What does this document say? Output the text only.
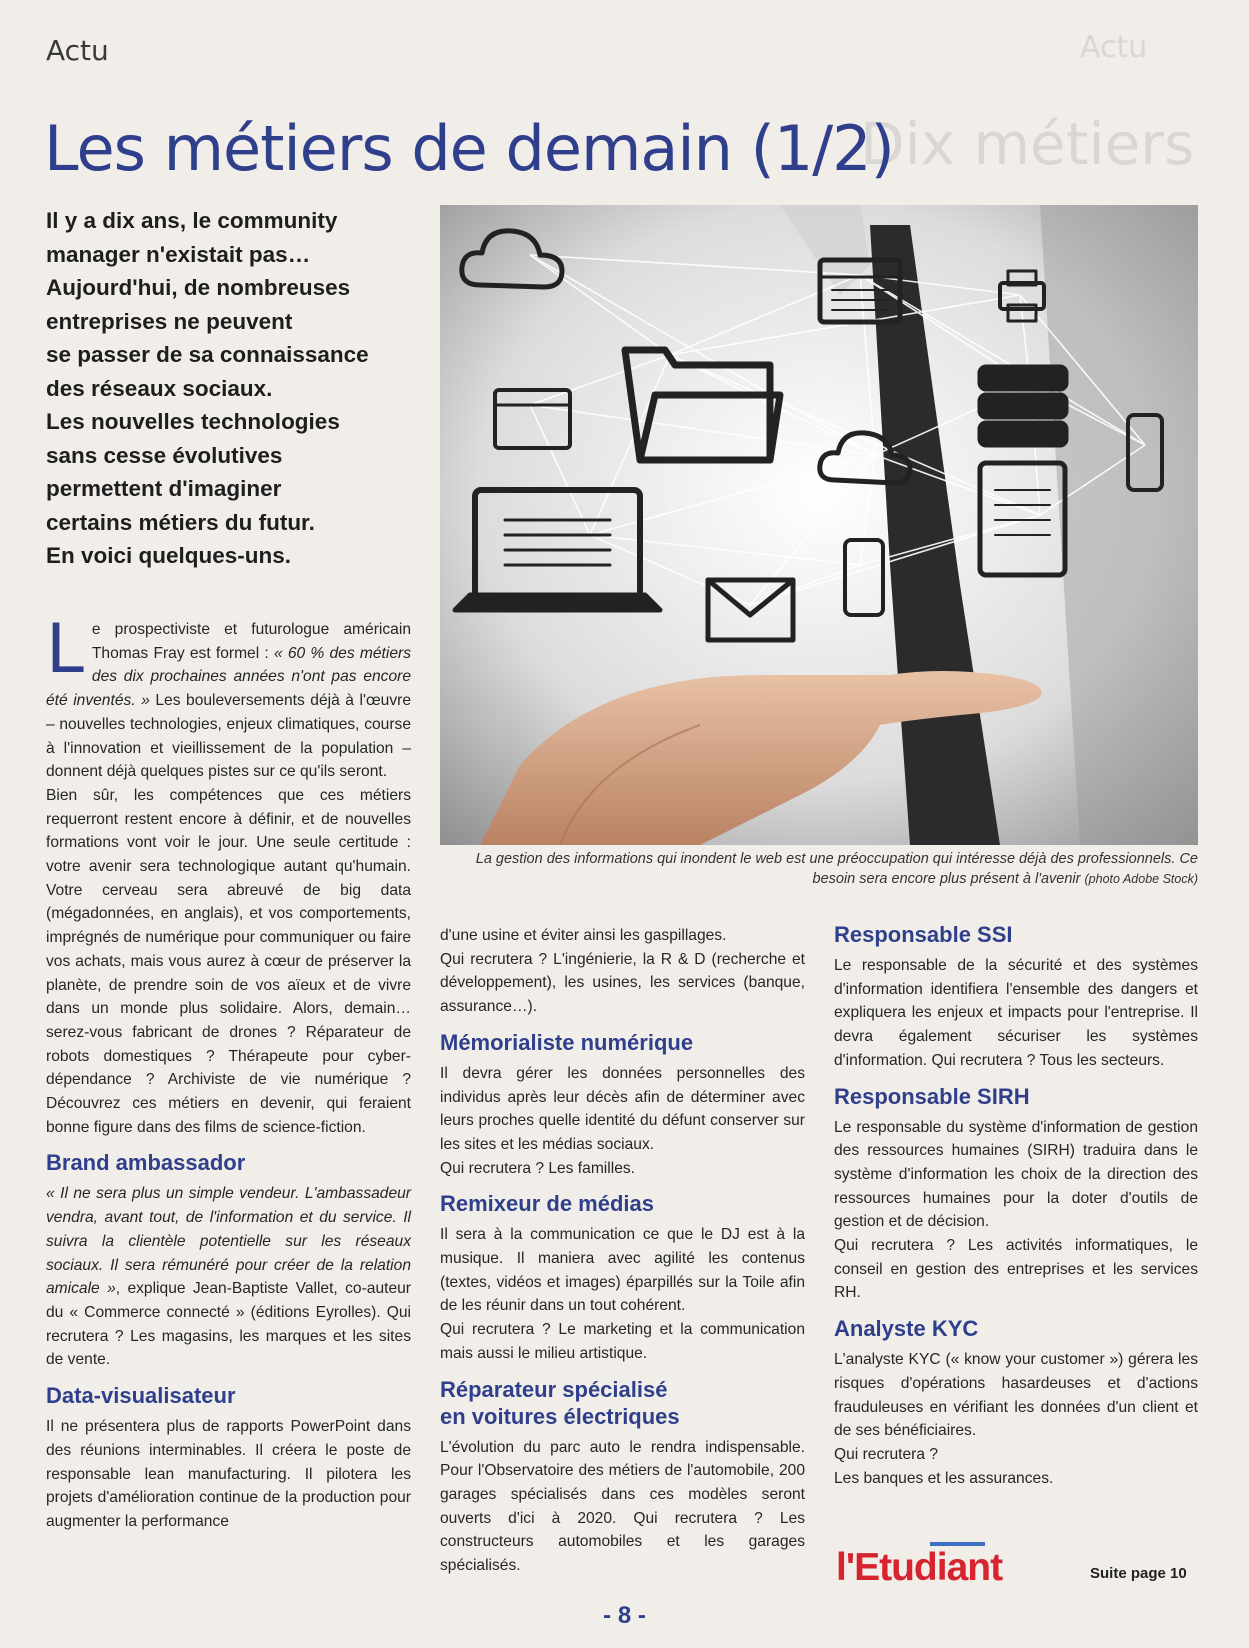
Actu
Dix métiers
Actu
Les métiers de demain (1/2)
Il y a dix ans, le community
manager n'existait pas…
Aujourd'hui, de nombreuses
entreprises ne peuvent
se passer de sa connaissance
des réseaux sociaux.
Les nouvelles technologies
sans cesse évolutives
permettent d'imaginer
certains métiers du futur.
En voici quelques-uns.
La gestion des informations qui inondent le web est une préoccupation qui intéresse déjà des professionnels. Ce besoin sera encore plus présent à l'avenir (photo Adobe Stock)

Le prospectiviste et futurologue américain Thomas Fray est formel : « 60 % des métiers des dix prochaines années n'ont pas encore été inventés. » Les bouleversements déjà à l'œuvre – nouvelles technologies, enjeux climatiques, course à l'innovation et vieillissement de la population – donnent déjà quelques pistes sur ce qu'ils seront.

Bien sûr, les compétences que ces métiers requerront restent encore à définir, et de nouvelles formations vont voir le jour. Une seule certitude : votre avenir sera technologique autant qu'humain. Votre cerveau sera abreuvé de big data (mégadonnées, en anglais), et vos comportements, imprégnés de numérique pour communiquer ou faire vos achats, mais vous aurez à cœur de préserver la planète, de prendre soin de vos aïeux et de vivre dans un monde plus solidaire. Alors, demain… serez-vous fabricant de drones ? Réparateur de robots domestiques ? Thérapeute pour cyber-dépendance ? Archiviste de vie numérique ? Découvrez ces métiers en devenir, qui feraient bonne figure dans des films de science-fiction.

Brand ambassador

« Il ne sera plus un simple vendeur. L'ambassadeur vendra, avant tout, de l'information et du service. Il suivra la clientèle potentielle sur les réseaux sociaux. Il sera rémunéré pour créer de la relation amicale », explique Jean-Baptiste Vallet, co-auteur du « Commerce connecté » (éditions Eyrolles). Qui recrutera ? Les magasins, les marques et les sites de vente.

Data-visualisateur

Il ne présentera plus de rapports PowerPoint dans des réunions interminables. Il créera le poste de responsable lean manufacturing. Il pilotera les projets d'amélioration continue de la production pour augmenter la performance

d'une usine et éviter ainsi les gaspillages.

Qui recrutera ? L'ingénierie, la R & D (recherche et développement), les usines, les services (banque, assurance…).

Mémorialiste numérique

Il devra gérer les données personnelles des individus après leur décès afin de déterminer avec leurs proches quelle identité du défunt conserver sur les sites et les médias sociaux.

Qui recrutera ? Les familles.

Remixeur de médias

Il sera à la communication ce que le DJ est à la musique. Il maniera avec agilité les contenus (textes, vidéos et images) éparpillés sur la Toile afin de les réunir dans un tout cohérent.

Qui recrutera ? Le marketing et la communication mais aussi le milieu artistique.

Réparateur spécialisé
en voitures électriques

L'évolution du parc auto le rendra indispensable. Pour l'Observatoire des métiers de l'automobile, 200 garages spécialisés dans ces modèles seront ouverts d'ici à 2020. Qui recrutera ? Les constructeurs automobiles et les garages spécialisés.

Responsable SSI

Le responsable de la sécurité et des systèmes d'information identifiera l'ensemble des dangers et expliquera les enjeux et impacts pour l'entreprise. Il devra également sécuriser les systèmes d'information. Qui recrutera ? Tous les secteurs.

Responsable SIRH

Le responsable du système d'information de gestion des ressources humaines (SIRH) traduira dans le système d'information les choix de la direction des ressources humaines pour la doter d'outils de gestion et de décision.

Qui recrutera ? Les activités informatiques, le conseil en gestion des entreprises et les services RH.

Analyste KYC

L'analyste KYC (« know your customer ») gérera les risques d'opérations hasardeuses et d'actions frauduleuses en vérifiant les données d'un client et de ses bénéficiaires.

Qui recrutera ?

Les banques et les assurances.

l'Etudiant	Suite page 10
- 8 -
